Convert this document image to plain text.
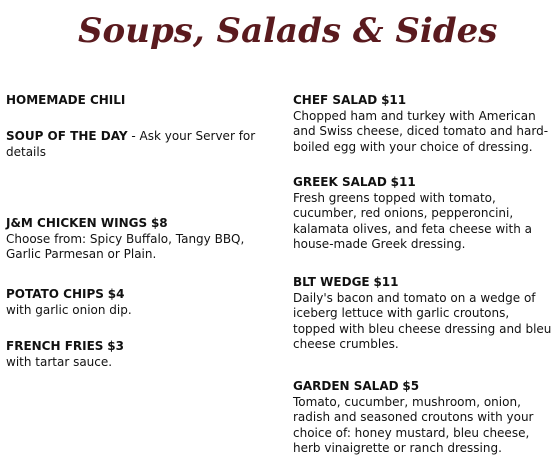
Soups, Salads & Sides
HOMEMADE CHILI
SOUP OF THE DAY - Ask your Server for details
J&M CHICKEN WINGS $8
Choose from: Spicy Buffalo, Tangy BBQ, Garlic Parmesan or Plain.
POTATO CHIPS $4
with garlic onion dip.
FRENCH FRIES $3
with tartar sauce.
CHEF SALAD $11
Chopped ham and turkey with American and Swiss cheese, diced tomato and hard-boiled egg with your choice of dressing.
GREEK SALAD $11
Fresh greens topped with tomato, cucumber, red onions, pepperoncini, kalamata olives, and feta cheese with a house-made Greek dressing.
BLT WEDGE $11
Daily's bacon and tomato on a wedge of iceberg lettuce with garlic croutons, topped with bleu cheese dressing and bleu cheese crumbles.
GARDEN SALAD $5
Tomato, cucumber, mushroom, onion, radish and seasoned croutons with your choice of: honey mustard, bleu cheese, herb vinaigrette or ranch dressing.
